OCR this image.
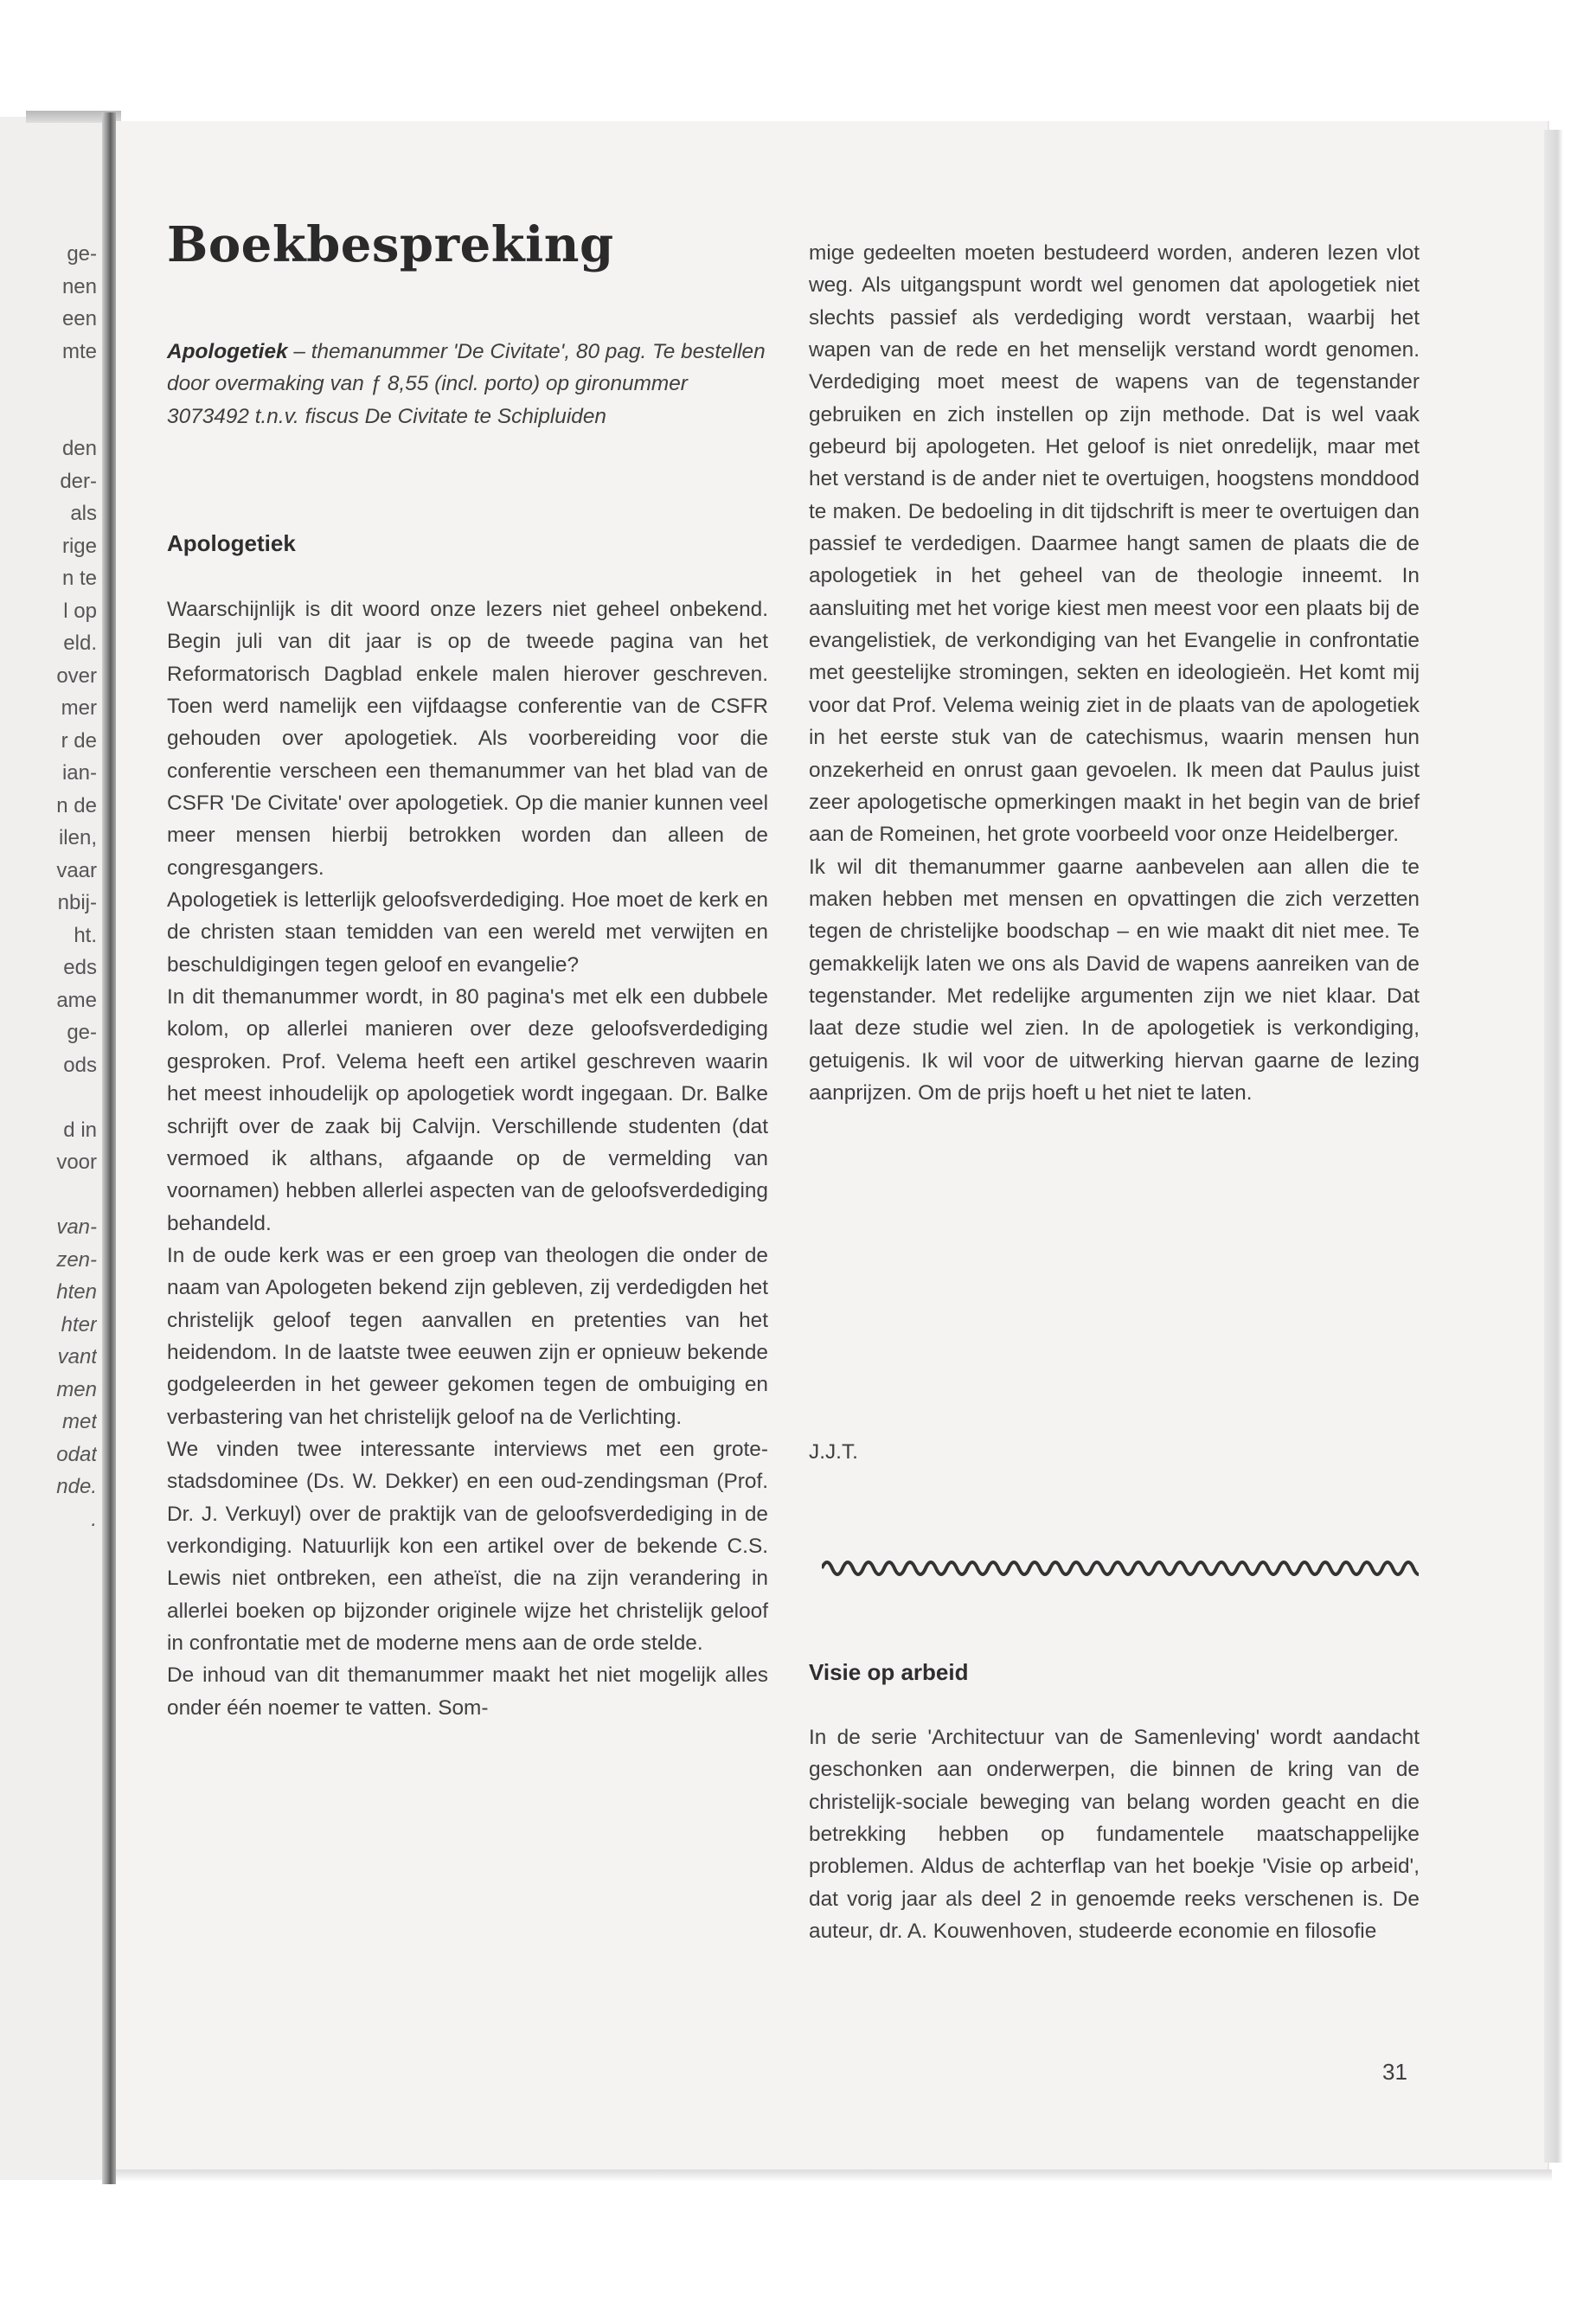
ge-
nen
een
mte
den
der-
als
rige
n te
l op
eld.
over
mer
r de
ian-
n de
ilen,
vaar
nbij-
ht.
eds
ame
ge-
ods
d in
voor
van-
zen-
hten
hter
vant
men
met
odat
nde.
.
Boekbespreking
Apologetiek – themanummer 'De Civitate', 80 pag. Te bestellen door overmaking van ƒ 8,55 (incl. porto) op gironummer 3073492 t.n.v. fiscus De Civitate te Schipluiden
Apologetiek

Waarschijnlijk is dit woord onze lezers niet geheel onbekend. Begin juli van dit jaar is op de tweede pagina van het Reformatorisch Dagblad enkele malen hierover geschreven. Toen werd namelijk een vijfdaagse conferentie van de CSFR gehouden over apologetiek. Als voorbereiding voor die conferentie verscheen een themanummer van het blad van de CSFR 'De Civitate' over apologetiek. Op die manier kunnen veel meer mensen hierbij betrokken worden dan alleen de congresgangers.

Apologetiek is letterlijk geloofsverdediging. Hoe moet de kerk en de christen staan temidden van een wereld met verwijten en beschuldigingen tegen geloof en evangelie?

In dit themanummer wordt, in 80 pagina's met elk een dubbele kolom, op allerlei manieren over deze geloofsverdediging gesproken. Prof. Velema heeft een artikel geschreven waarin het meest inhoudelijk op apologetiek wordt ingegaan. Dr. Balke schrijft over de zaak bij Calvijn. Verschillende studenten (dat vermoed ik althans, afgaande op de vermelding van voornamen) hebben allerlei aspecten van de geloofsverdediging behandeld.

In de oude kerk was er een groep van theologen die onder de naam van Apologeten bekend zijn gebleven, zij verdedigden het christelijk geloof tegen aanvallen en pretenties van het heidendom. In de laatste twee eeuwen zijn er opnieuw bekende godgeleerden in het geweer gekomen tegen de ombuiging en verbastering van het christelijk geloof na de Verlichting.

We vinden twee interessante interviews met een grote-stadsdominee (Ds. W. Dekker) en een oud-zendingsman (Prof. Dr. J. Verkuyl) over de praktijk van de geloofsverdediging in de verkondiging. Natuurlijk kon een artikel over de bekende C.S. Lewis niet ontbreken, een atheïst, die na zijn verandering in allerlei boeken op bijzonder originele wijze het christelijk geloof in confrontatie met de moderne mens aan de orde stelde.

De inhoud van dit themanummer maakt het niet mogelijk alles onder één noemer te vatten. Som-

mige gedeelten moeten bestudeerd worden, anderen lezen vlot weg. Als uitgangspunt wordt wel genomen dat apologetiek niet slechts passief als verdediging wordt verstaan, waarbij het wapen van de rede en het menselijk verstand wordt genomen. Verdediging moet meest de wapens van de tegenstander gebruiken en zich instellen op zijn methode. Dat is wel vaak gebeurd bij apologeten. Het geloof is niet onredelijk, maar met het verstand is de ander niet te overtuigen, hoogstens monddood te maken. De bedoeling in dit tijdschrift is meer te overtuigen dan passief te verdedigen. Daarmee hangt samen de plaats die de apologetiek in het geheel van de theologie inneemt. In aansluiting met het vorige kiest men meest voor een plaats bij de evangelistiek, de verkondiging van het Evangelie in confrontatie met geestelijke stromingen, sekten en ideologieën. Het komt mij voor dat Prof. Velema weinig ziet in de plaats van de apologetiek in het eerste stuk van de catechismus, waarin mensen hun onzekerheid en onrust gaan gevoelen. Ik meen dat Paulus juist zeer apologetische opmerkingen maakt in het begin van de brief aan de Romeinen, het grote voorbeeld voor onze Heidelberger.

Ik wil dit themanummer gaarne aanbevelen aan allen die te maken hebben met mensen en opvattingen die zich verzetten tegen de christelijke boodschap – en wie maakt dit niet mee. Te gemakkelijk laten we ons als David de wapens aanreiken van de tegenstander. Met redelijke argumenten zijn we niet klaar. Dat laat deze studie wel zien. In de apologetiek is verkondiging, getuigenis. Ik wil voor de uitwerking hiervan gaarne de lezing aanprijzen. Om de prijs hoeft u het niet te laten.

J.J.T.
Visie op arbeid

In de serie 'Architectuur van de Samenleving' wordt aandacht geschonken aan onderwerpen, die binnen de kring van de christelijk-sociale beweging van belang worden geacht en die betrekking hebben op fundamentele maatschappelijke problemen. Aldus de achterflap van het boekje 'Visie op arbeid', dat vorig jaar als deel 2 in genoemde reeks verschenen is. De auteur, dr. A. Kouwenhoven, studeerde economie en filosofie

31
